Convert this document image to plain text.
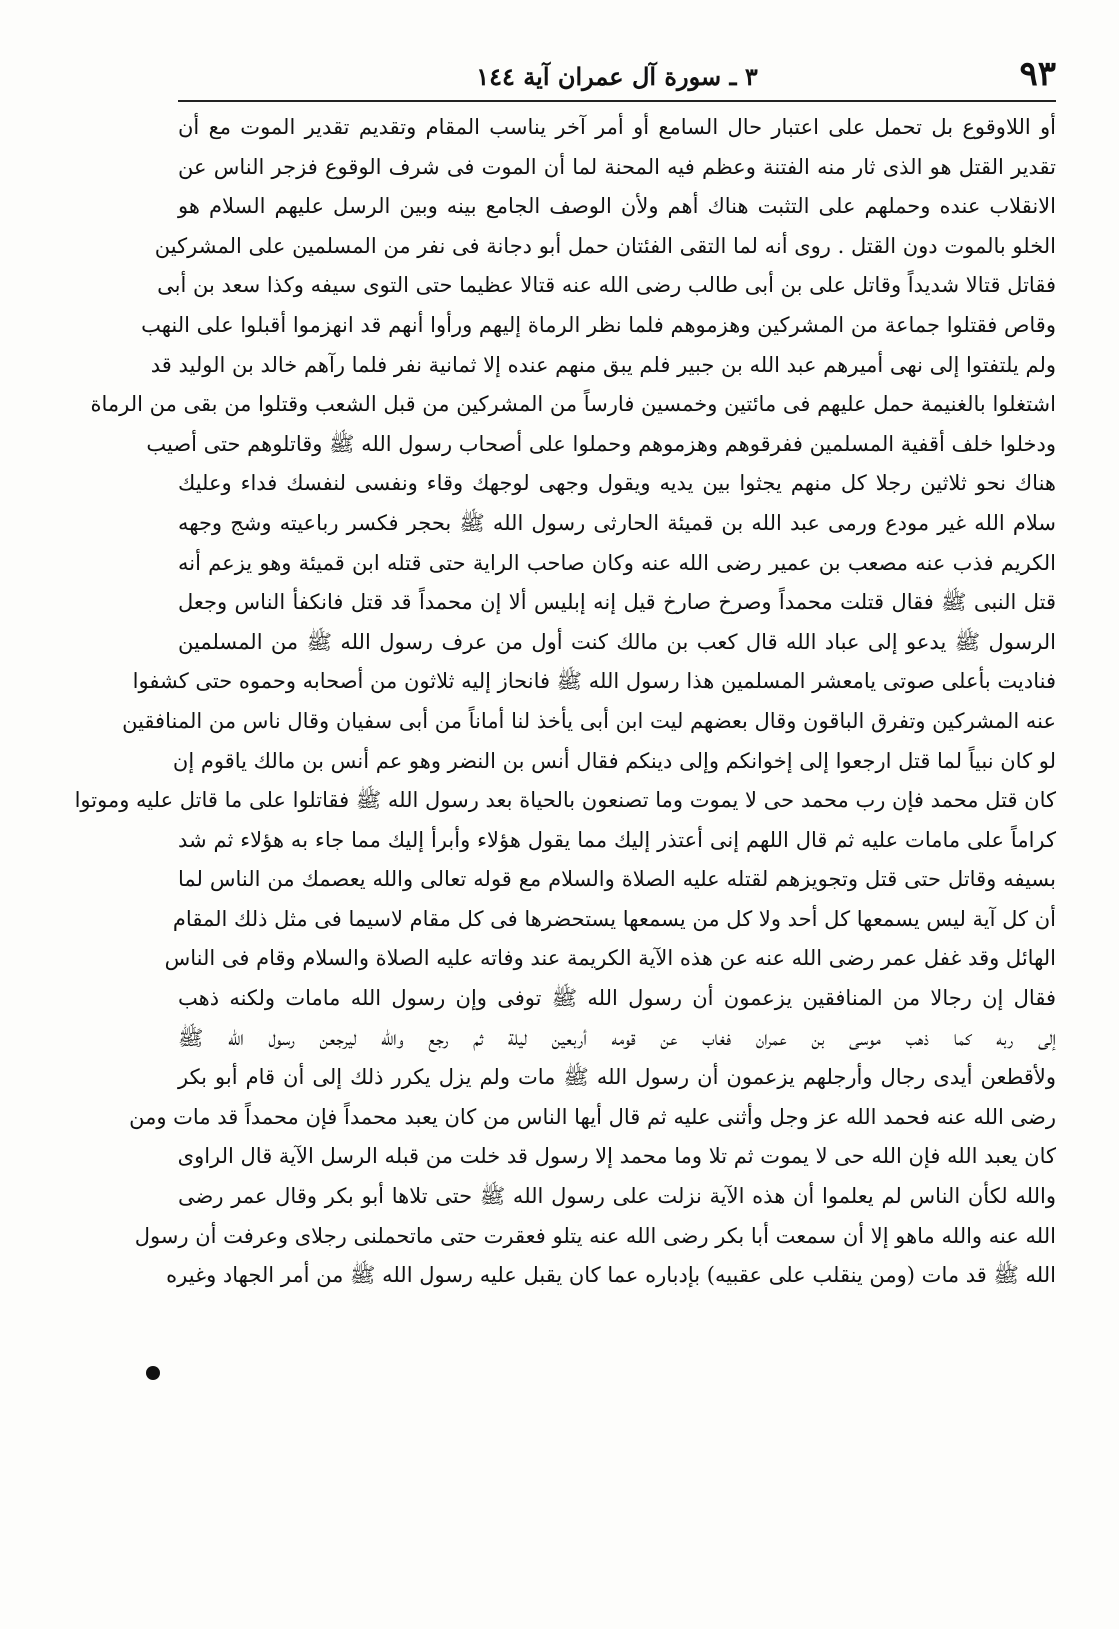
٩٣
٣ ـ سورة آل عمران آية ١٤٤
أو اللاوقوع بل تحمل على اعتبار حال السامع أو أمر آخر يناسب المقام وتقديم تقدير الموت مع أن
تقدير القتل هو الذى ثار منه الفتنة وعظم فيه المحنة لما أن الموت فى شرف الوقوع فزجر الناس عن
الانقلاب عنده وحملهم على التثبت هناك أهم ولأن الوصف الجامع بينه وبين الرسل عليهم السلام هو
الخلو بالموت دون القتل . روى أنه لما التقى الفئتان حمل أبو دجانة فى نفر من المسلمين على المشركين
فقاتل قتالا شديداً وقاتل على بن أبى طالب رضى الله عنه قتالا عظيما حتى التوى سيفه وكذا سعد بن أبى
وقاص فقتلوا جماعة من المشركين وهزموهم فلما نظر الرماة إليهم ورأوا أنهم قد انهزموا أقبلوا على النهب
ولم يلتفتوا إلى نهى أميرهم عبد الله بن جبير فلم يبق منهم عنده إلا ثمانية نفر فلما رآهم خالد بن الوليد قد
اشتغلوا بالغنيمة حمل عليهم فى مائتين وخمسين فارساً من المشركين من قبل الشعب وقتلوا من بقى من الرماة
ودخلوا خلف أقفية المسلمين ففرقوهم وهزموهم وحملوا على أصحاب رسول الله ﷺ وقاتلوهم حتى أصيب
هناك نحو ثلاثين رجلا كل منهم يجثوا بين يديه ويقول وجهى لوجهك وقاء ونفسى لنفسك فداء وعليك
سلام الله غير مودع ورمى عبد الله بن قميئة الحارثى رسول الله ﷺ بحجر فكسر رباعيته وشج وجهه
الكريم فذب عنه مصعب بن عمير رضى الله عنه وكان صاحب الراية حتى قتله ابن قميئة وهو يزعم أنه
قتل النبى ﷺ فقال قتلت محمداً وصرخ صارخ قيل إنه إبليس ألا إن محمداً قد قتل فانكفأ الناس وجعل
الرسول ﷺ يدعو إلى عباد الله قال كعب بن مالك كنت أول من عرف رسول الله ﷺ من المسلمين
فناديت بأعلى صوتى يامعشر المسلمين هذا رسول الله ﷺ فانحاز إليه ثلاثون من أصحابه وحموه حتى كشفوا
عنه المشركين وتفرق الباقون وقال بعضهم ليت ابن أبى يأخذ لنا أماناً من أبى سفيان وقال ناس من المنافقين
لو كان نبياً لما قتل ارجعوا إلى إخوانكم وإلى دينكم فقال أنس بن النضر وهو عم أنس بن مالك ياقوم إن
كان قتل محمد فإن رب محمد حى لا يموت وما تصنعون بالحياة بعد رسول الله ﷺ فقاتلوا على ما قاتل عليه وموتوا
كراماً على مامات عليه ثم قال اللهم إنى أعتذر إليك مما يقول هؤلاء وأبرأ إليك مما جاء به هؤلاء ثم شد
بسيفه وقاتل حتى قتل وتجويزهم لقتله عليه الصلاة والسلام مع قوله تعالى والله يعصمك من الناس لما
أن كل آية ليس يسمعها كل أحد ولا كل من يسمعها يستحضرها فى كل مقام لاسيما فى مثل ذلك المقام
الهائل وقد غفل عمر رضى الله عنه عن هذه الآية الكريمة عند وفاته عليه الصلاة والسلام وقام فى الناس
فقال إن رجالا من المنافقين يزعمون أن رسول الله ﷺ توفى وإن رسول الله مامات ولكنه ذهب
إلى ربه كما ذهب موسى بن عمران فغاب عن قومه أربعين ليلة ثم رجع والله ليرجعن رسول الله ﷺ
ولأقطعن أيدى رجال وأرجلهم يزعمون أن رسول الله ﷺ مات ولم يزل يكرر ذلك إلى أن قام أبو بكر
رضى الله عنه فحمد الله عز وجل وأثنى عليه ثم قال أيها الناس من كان يعبد محمداً فإن محمداً قد مات ومن
كان يعبد الله فإن الله حى لا يموت ثم تلا وما محمد إلا رسول قد خلت من قبله الرسل الآية قال الراوى
والله لكأن الناس لم يعلموا أن هذه الآية نزلت على رسول الله ﷺ حتى تلاها أبو بكر وقال عمر رضى
الله عنه والله ماهو إلا أن سمعت أبا بكر رضى الله عنه يتلو فعقرت حتى ماتحملنى رجلاى وعرفت أن رسول
الله ﷺ قد مات (ومن ينقلب على عقبيه) بإدباره عما كان يقبل عليه رسول الله ﷺ من أمر الجهاد وغيره
